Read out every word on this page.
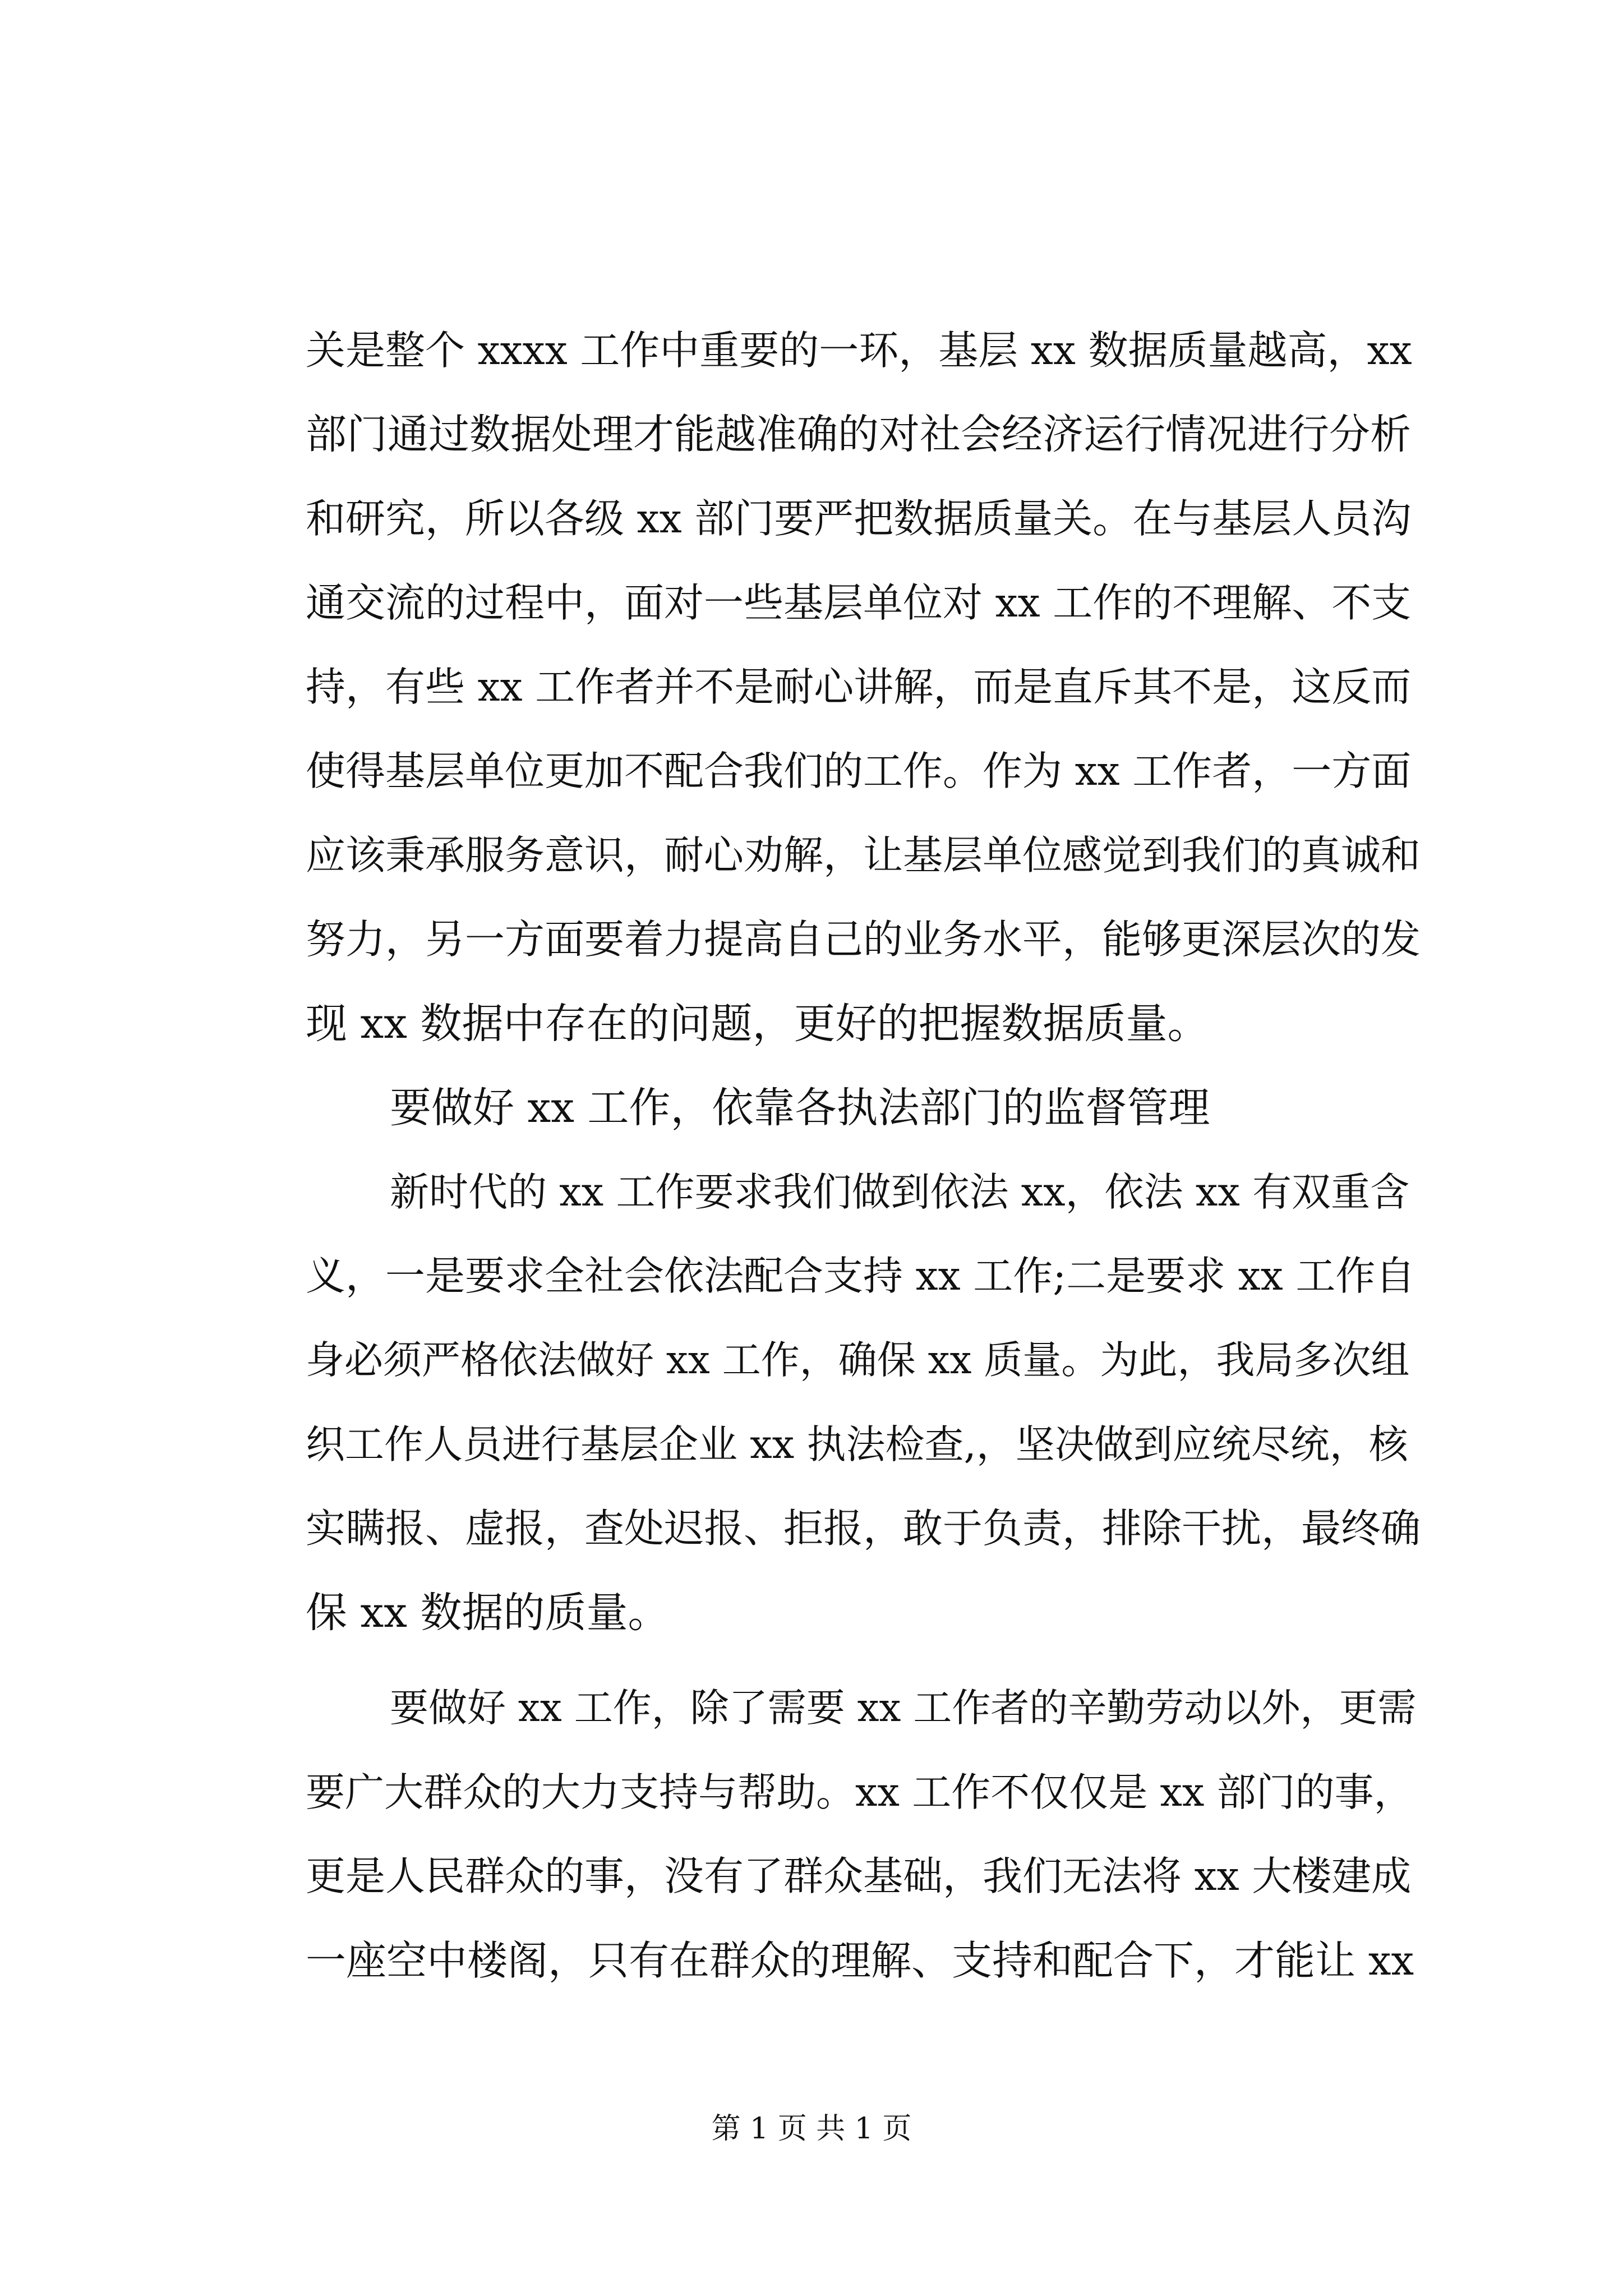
关是整个 xxxx 工作中重要的一环，基层 xx 数据质量越高，xx
部门通过数据处理才能越准确的对社会经济运行情况进行分析
和研究，所以各级 xx 部门要严把数据质量关。在与基层人员沟
通交流的过程中，面对一些基层单位对 xx 工作的不理解、不支
持，有些 xx 工作者并不是耐心讲解，而是直斥其不是，这反而
使得基层单位更加不配合我们的工作。作为 xx 工作者，一方面
应该秉承服务意识，耐心劝解，让基层单位感觉到我们的真诚和
努力，另一方面要着力提高自己的业务水平，能够更深层次的发
现 xx 数据中存在的问题，更好的把握数据质量。
要做好 xx 工作，依靠各执法部门的监督管理
新时代的 xx 工作要求我们做到依法 xx，依法 xx 有双重含
义，一是要求全社会依法配合支持 xx 工作;二是要求 xx 工作自
身必须严格依法做好 xx 工作，确保 xx 质量。为此，我局多次组
织工作人员进行基层企业 xx 执法检查,，坚决做到应统尽统，核
实瞒报、虚报，查处迟报、拒报，敢于负责，排除干扰，最终确
保 xx 数据的质量。
要做好 xx 工作，除了需要 xx 工作者的辛勤劳动以外，更需
要广大群众的大力支持与帮助。xx 工作不仅仅是 xx 部门的事，
更是人民群众的事，没有了群众基础，我们无法将 xx 大楼建成
一座空中楼阁，只有在群众的理解、支持和配合下，才能让 xx
第 1 页 共 1 页
